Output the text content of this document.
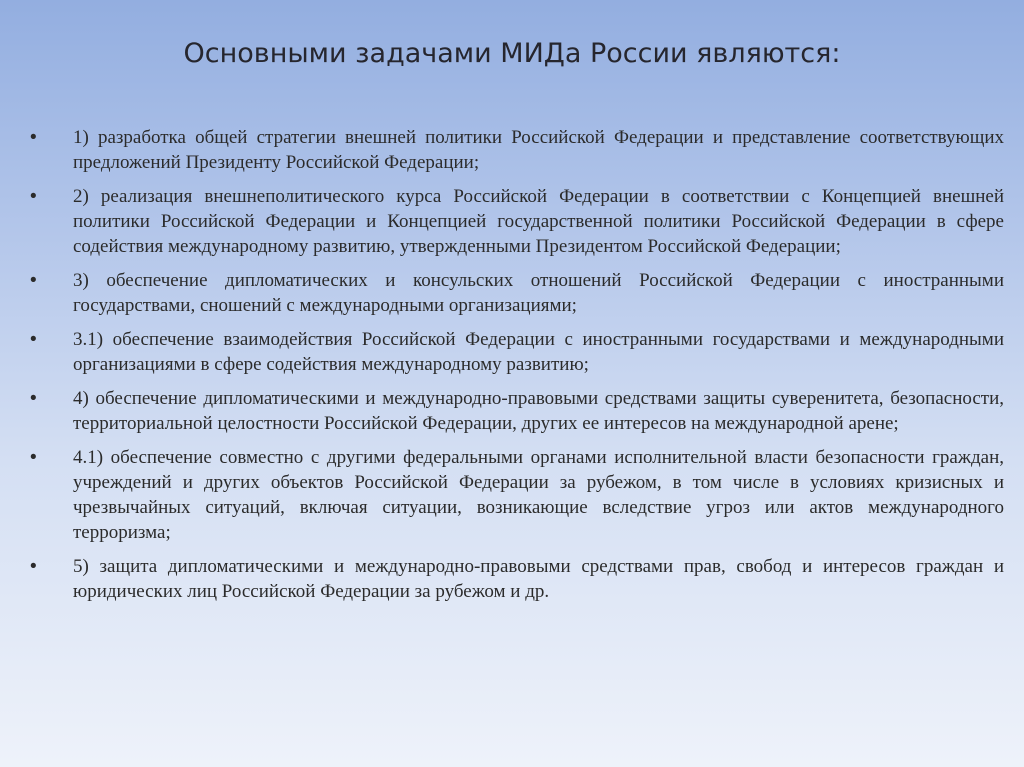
Основными задачами МИДа России являются:
•	1) разработка общей стратегии внешней политики Российской Федерации и представление соответствующих предложений Президенту Российской Федерации;
•	2) реализация внешнеполитического курса Российской Федерации в соответствии с Концепцией внешней политики Российской Федерации и Концепцией государственной политики Российской Федерации в сфере содействия международному развитию, утвержденными Президентом Российской Федерации;
•	3) обеспечение дипломатических и консульских отношений Российской Федерации с иностранными государствами, сношений с международными организациями;
•	3.1) обеспечение взаимодействия Российской Федерации с иностранными государствами и международными организациями в сфере содействия международному развитию;
•	4) обеспечение дипломатическими и международно-правовыми средствами защиты суверенитета, безопасности, территориальной целостности Российской Федерации, других ее интересов на международной арене;
•	4.1) обеспечение совместно с другими федеральными органами исполнительной власти безопасности граждан, учреждений и других объектов Российской Федерации за рубежом, в том числе в условиях кризисных и чрезвычайных ситуаций, включая ситуации, возникающие вследствие угроз или актов международного терроризма;
•	5) защита дипломатическими и международно-правовыми средствами прав, свобод и интересов граждан и юридических лиц Российской Федерации за рубежом и др.
